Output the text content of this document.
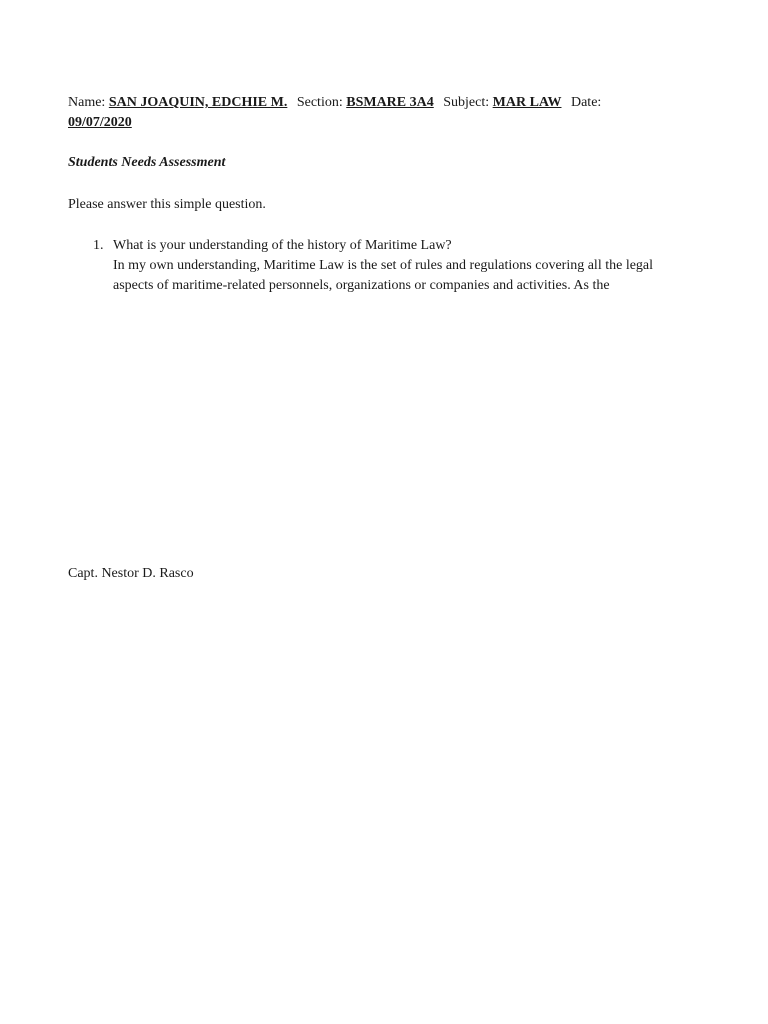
Name: SAN JOAQUIN, EDCHIE M. Section: BSMARE 3A4 Subject: MAR LAW Date:
09/07/2020
Students Needs Assessment
Please answer this simple question.
1. What is your understanding of the history of Maritime Law?
In my own understanding, Maritime Law is the set of rules and regulations covering all the legal
aspects of maritime-related personnels, organizations or companies and activities. As the
Capt. Nestor D. Rasco
